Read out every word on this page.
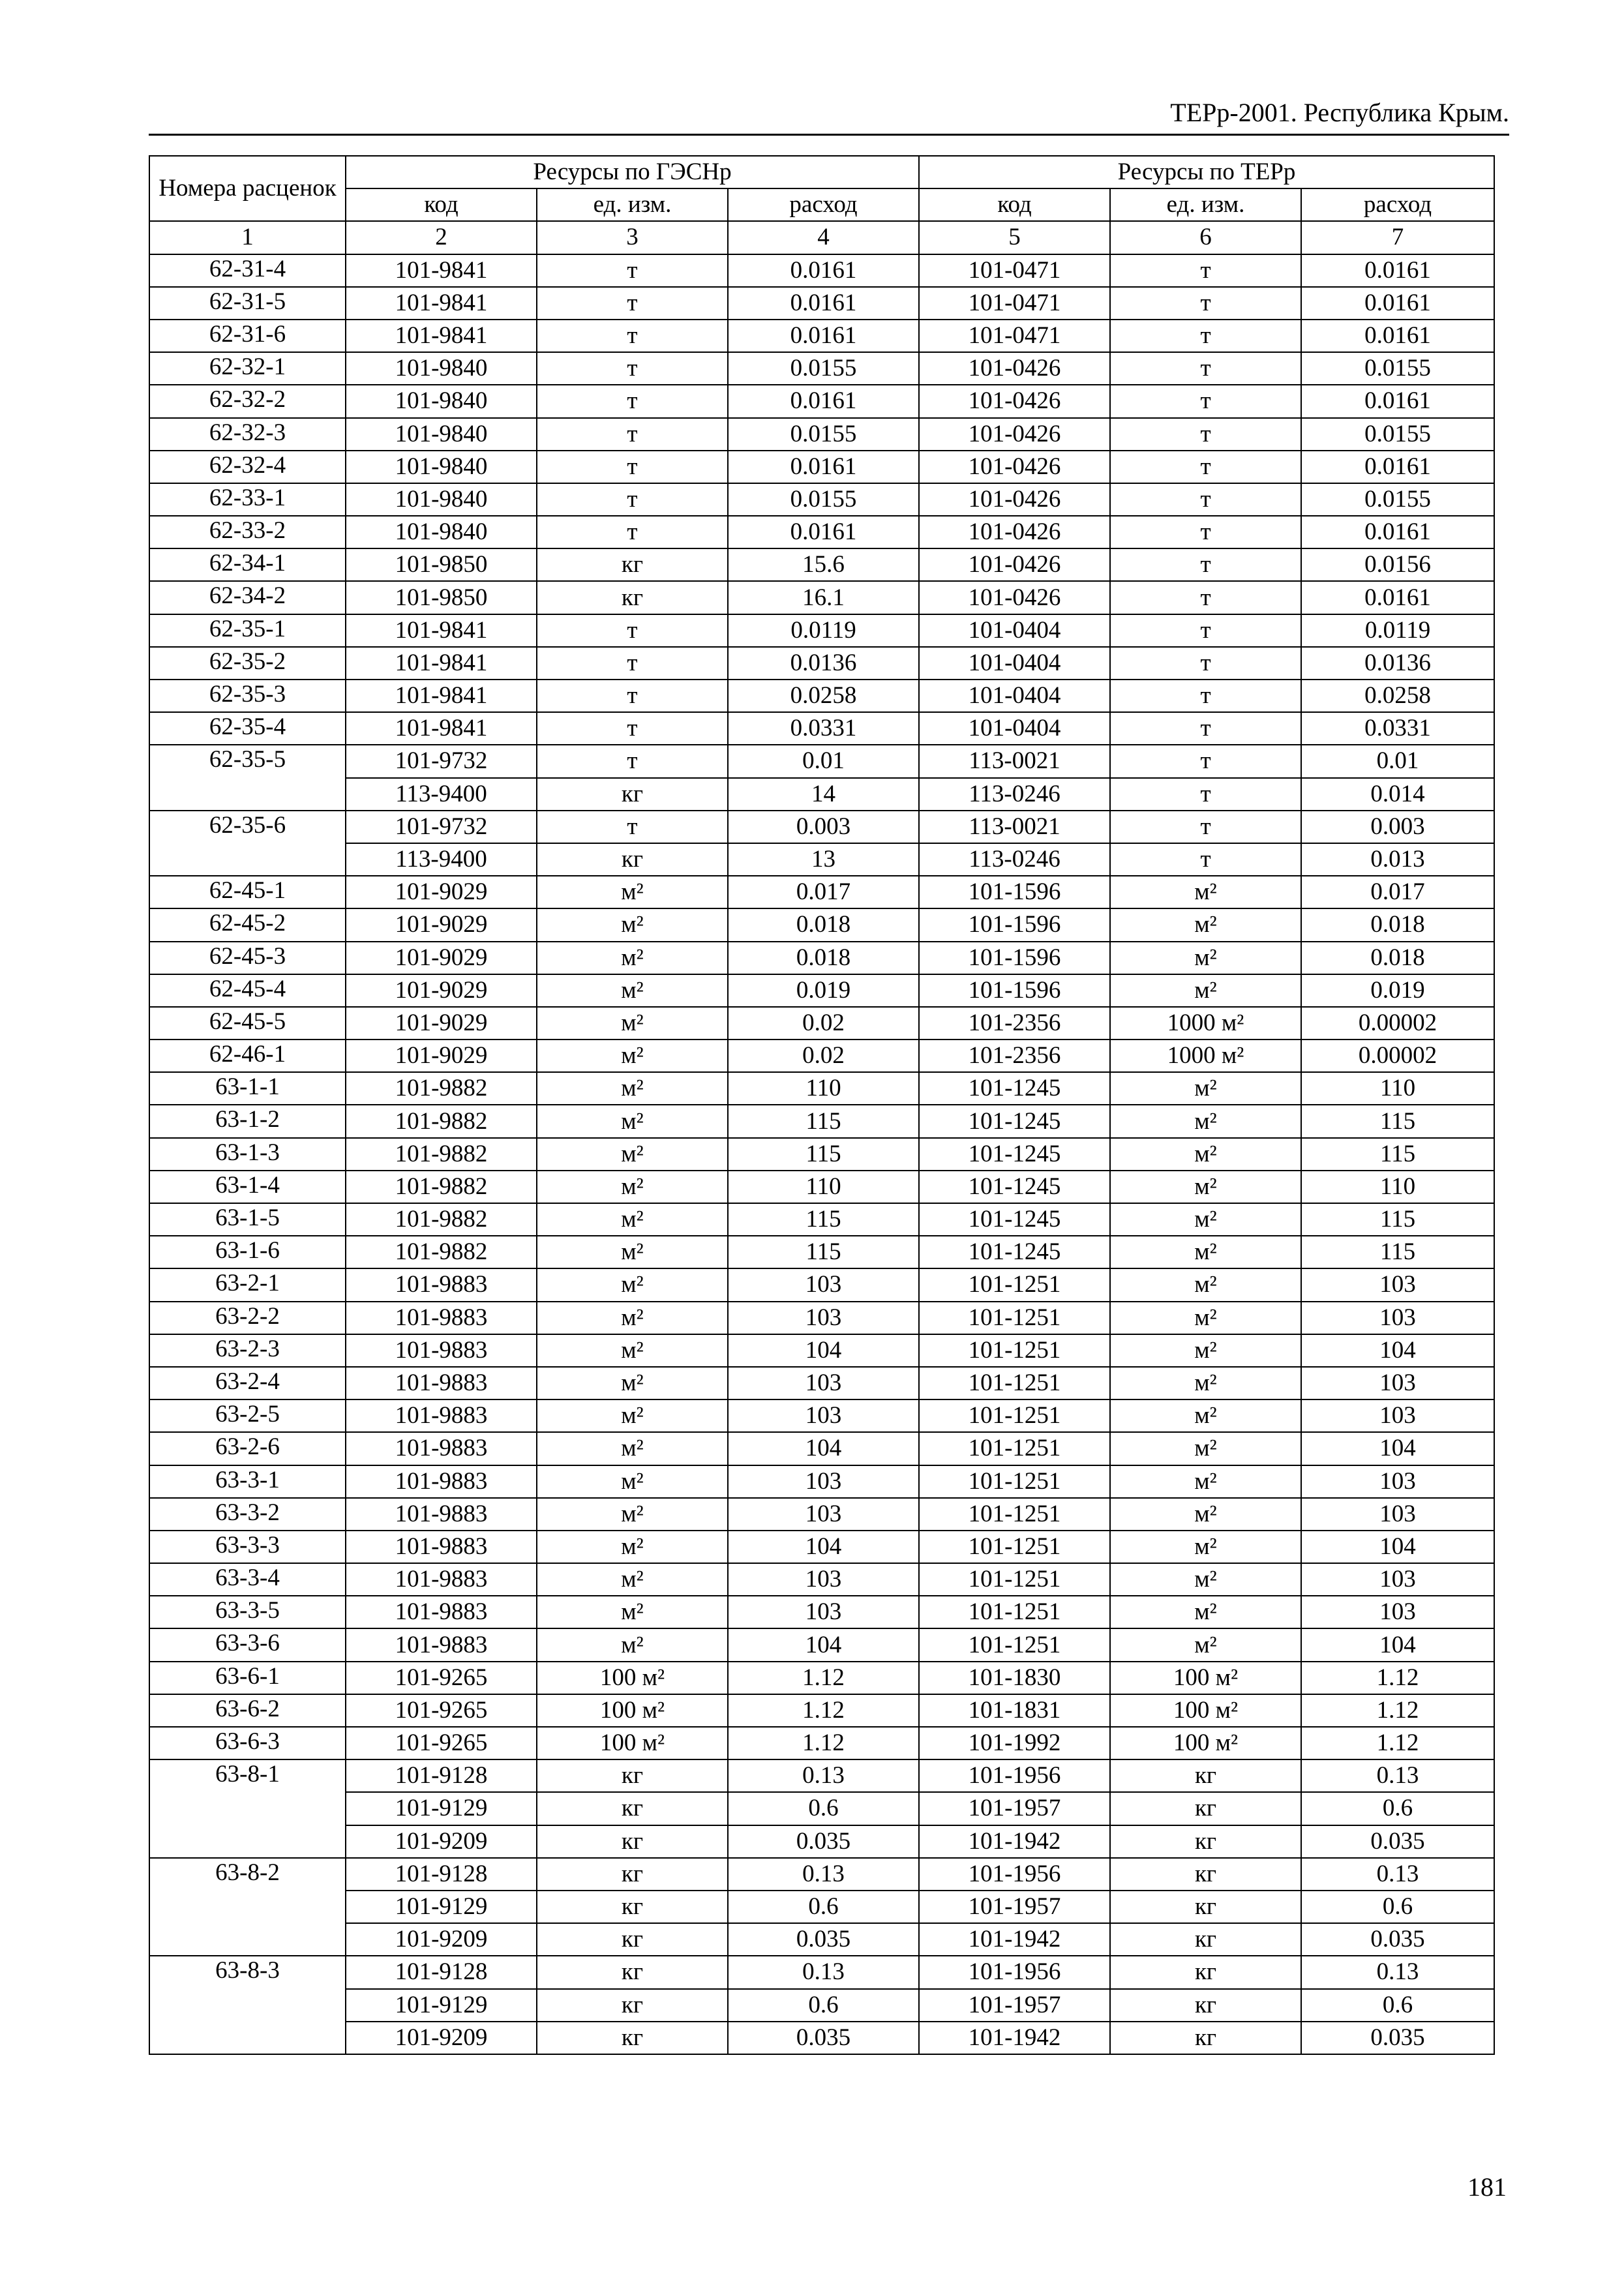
ТЕРр-2001. Республика Крым.
Номера расценок	Ресурсы по ГЭСНр			Ресурсы по ТЕРр		
	код	ед. изм.	расход	код	ед. изм.	расход
1	2	3	4	5	6	7
62-31-4	101-9841	т	0.0161	101-0471	т	0.0161
62-31-5	101-9841	т	0.0161	101-0471	т	0.0161
62-31-6	101-9841	т	0.0161	101-0471	т	0.0161
62-32-1	101-9840	т	0.0155	101-0426	т	0.0155
62-32-2	101-9840	т	0.0161	101-0426	т	0.0161
62-32-3	101-9840	т	0.0155	101-0426	т	0.0155
62-32-4	101-9840	т	0.0161	101-0426	т	0.0161
62-33-1	101-9840	т	0.0155	101-0426	т	0.0155
62-33-2	101-9840	т	0.0161	101-0426	т	0.0161
62-34-1	101-9850	кг	15.6	101-0426	т	0.0156
62-34-2	101-9850	кг	16.1	101-0426	т	0.0161
62-35-1	101-9841	т	0.0119	101-0404	т	0.0119
62-35-2	101-9841	т	0.0136	101-0404	т	0.0136
62-35-3	101-9841	т	0.0258	101-0404	т	0.0258
62-35-4	101-9841	т	0.0331	101-0404	т	0.0331
62-35-5	101-9732	т	0.01	113-0021	т	0.01
	113-9400	кг	14	113-0246	т	0.014
62-35-6	101-9732	т	0.003	113-0021	т	0.003
	113-9400	кг	13	113-0246	т	0.013
62-45-1	101-9029	м²	0.017	101-1596	м²	0.017
62-45-2	101-9029	м²	0.018	101-1596	м²	0.018
62-45-3	101-9029	м²	0.018	101-1596	м²	0.018
62-45-4	101-9029	м²	0.019	101-1596	м²	0.019
62-45-5	101-9029	м²	0.02	101-2356	1000 м²	0.00002
62-46-1	101-9029	м²	0.02	101-2356	1000 м²	0.00002
63-1-1	101-9882	м²	110	101-1245	м²	110
63-1-2	101-9882	м²	115	101-1245	м²	115
63-1-3	101-9882	м²	115	101-1245	м²	115
63-1-4	101-9882	м²	110	101-1245	м²	110
63-1-5	101-9882	м²	115	101-1245	м²	115
63-1-6	101-9882	м²	115	101-1245	м²	115
63-2-1	101-9883	м²	103	101-1251	м²	103
63-2-2	101-9883	м²	103	101-1251	м²	103
63-2-3	101-9883	м²	104	101-1251	м²	104
63-2-4	101-9883	м²	103	101-1251	м²	103
63-2-5	101-9883	м²	103	101-1251	м²	103
63-2-6	101-9883	м²	104	101-1251	м²	104
63-3-1	101-9883	м²	103	101-1251	м²	103
63-3-2	101-9883	м²	103	101-1251	м²	103
63-3-3	101-9883	м²	104	101-1251	м²	104
63-3-4	101-9883	м²	103	101-1251	м²	103
63-3-5	101-9883	м²	103	101-1251	м²	103
63-3-6	101-9883	м²	104	101-1251	м²	104
63-6-1	101-9265	100 м²	1.12	101-1830	100 м²	1.12
63-6-2	101-9265	100 м²	1.12	101-1831	100 м²	1.12
63-6-3	101-9265	100 м²	1.12	101-1992	100 м²	1.12
63-8-1	101-9128	кг	0.13	101-1956	кг	0.13
	101-9129	кг	0.6	101-1957	кг	0.6
	101-9209	кг	0.035	101-1942	кг	0.035
63-8-2	101-9128	кг	0.13	101-1956	кг	0.13
	101-9129	кг	0.6	101-1957	кг	0.6
	101-9209	кг	0.035	101-1942	кг	0.035
63-8-3	101-9128	кг	0.13	101-1956	кг	0.13
	101-9129	кг	0.6	101-1957	кг	0.6
	101-9209	кг	0.035	101-1942	кг	0.035
181
